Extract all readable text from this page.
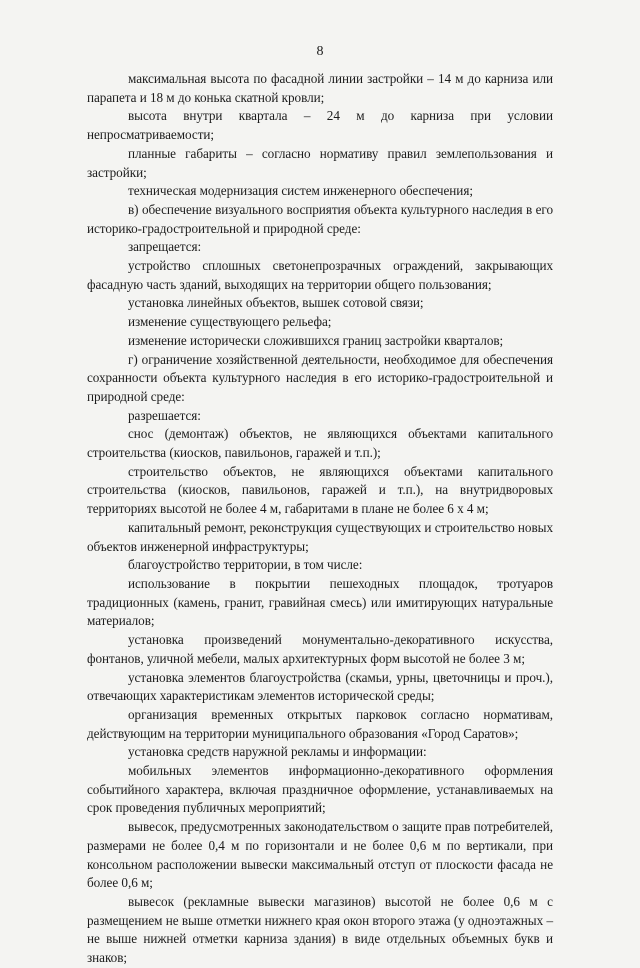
8

максимальная высота по фасадной линии застройки – 14 м до карниза или парапета и 18 м до конька скатной кровли;

высота внутри квартала – 24 м до карниза при условии непросматриваемости;

планные габариты – согласно нормативу правил землепользования и застройки;

техническая модернизация систем инженерного обеспечения;

в) обеспечение визуального восприятия объекта культурного наследия в его историко-градостроительной и природной среде:

запрещается:

устройство сплошных светонепрозрачных ограждений, закрывающих фасадную часть зданий, выходящих на территории общего пользования;

установка линейных объектов, вышек сотовой связи;

изменение существующего рельефа;

изменение исторически сложившихся границ застройки кварталов;

г) ограничение хозяйственной деятельности, необходимое для обеспечения сохранности объекта культурного наследия в его историко-градостроительной и природной среде:

разрешается:

снос (демонтаж) объектов, не являющихся объектами капитального строительства (киосков, павильонов, гаражей и т.п.);

строительство объектов, не являющихся объектами капитального строительства (киосков, павильонов, гаражей и т.п.), на внутридворовых территориях высотой не более 4 м, габаритами в плане не более 6 х 4 м;

капитальный ремонт, реконструкция существующих и строительство новых объектов инженерной инфраструктуры;

благоустройство территории, в том числе:

использование в покрытии пешеходных площадок, тротуаров традиционных (камень, гранит, гравийная смесь) или имитирующих натуральные материалов;

установка произведений монументально-декоративного искусства, фонтанов, уличной мебели, малых архитектурных форм высотой не более 3 м;

установка элементов благоустройства (скамьи, урны, цветочницы и проч.), отвечающих характеристикам элементов исторической среды;

организация временных открытых парковок согласно нормативам, действующим на территории муниципального образования «Город Саратов»;

установка средств наружной рекламы и информации:

мобильных элементов информационно-декоративного оформления событийного характера, включая праздничное оформление, устанавливаемых на срок проведения публичных мероприятий;

вывесок, предусмотренных законодательством о защите прав потребителей, размерами не более 0,4 м по горизонтали и не более 0,6 м по вертикали, при консольном расположении вывески максимальный отступ от плоскости фасада не более 0,6 м;

вывесок (рекламные вывески магазинов) высотой не более 0,6 м с размещением не выше отметки нижнего края окон второго этажа (у одноэтажных – не выше нижней отметки карниза здания) в виде отдельных объемных букв и знаков;
